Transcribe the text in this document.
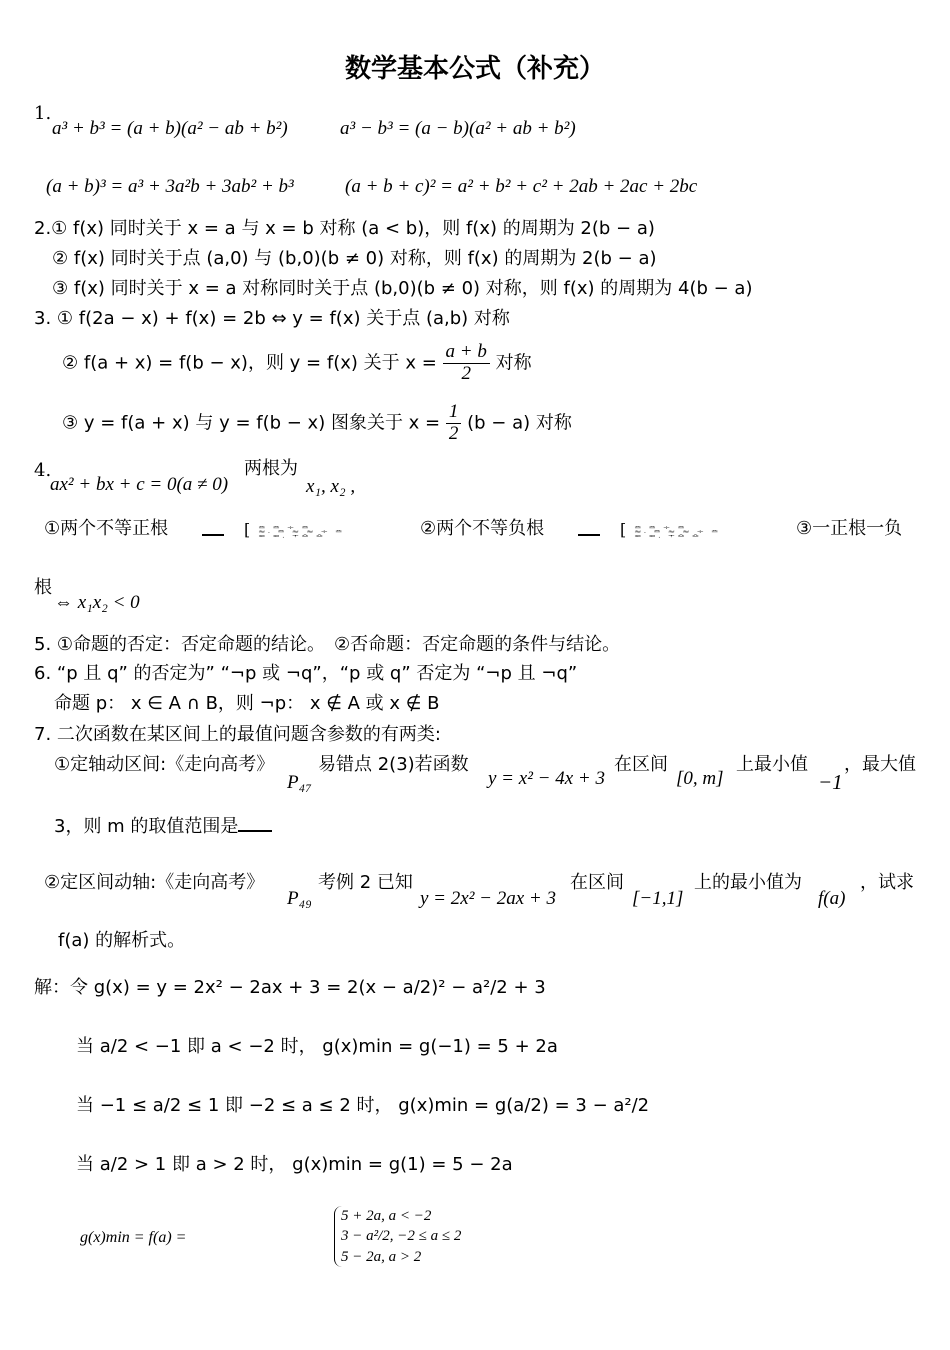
数学基本公式（补充）
1.
a³ + b³ = (a + b)(a² − ab + b²)	a³ − b³ = (a − b)(a² + ab + b²)
(a + b)³ = a³ + 3a²b + 3ab² + b³	(a + b + c)² = a² + b² + c² + 2ab + 2ac + 2bc
2.① f(x) 同时关于 x = a 与 x = b 对称 (a < b)，则 f(x) 的周期为 2(b − a)
② f(x) 同时关于点 (a,0) 与 (b,0)(b ≠ 0) 对称，则 f(x) 的周期为 2(b − a)
③ f(x) 同时关于 x = a 对称同时关于点 (b,0)(b ≠ 0) 对称，则 f(x) 的周期为 4(b − a)
3. ① f(2a − x) + f(x) = 2b ⇔ y = f(x) 关于点 (a,b) 对称
② f(a + x) = f(b − x)，则 y = f(x) 关于 $x = \frac{a + b}{2}$ 对称
③ y = f(a + x) 与 y = f(b − x) 图象关于 $x = \frac{1}{2} (b - a)$ 对称
4.
ax² + bx + c = 0(a ≠ 0)
两根为
x₁, x₂ ,
①两个不等正根	[ ≏ ≏ ÷ ≏
≈. ≏ ≈ ≈ ÷ ≏
≈ ≈. ÷≏ ≏	②两个不等负根	[ ≏ ≏ ÷ ≏
≈. ≏ ≈ ≈ ÷ ≏
≈ ≈. ÷≏ ≏	③一正根一负
根
⇔ x₁x₂ < 0
5. ①命题的否定：否定命题的结论。　②否命题：否定命题的条件与结论。
6. “p 且 q” 的否定为” “¬p 或 ¬q”，“p 或 q” 否定为 “¬p 且 ¬q”
命题 p： x ∈ A ∩ B，则 ¬p： x ∉ A 或 x ∉ B
7. 二次函数在某区间上的最值问题含参数的有两类:
①定轴动区间:《走向高考》
P₄₇
易错点 2(3)若函数
y = x² − 4x + 3
在区间
[0, m]
上最小值
−1
，最大值
3，则 m 的取值范围是
②定区间动轴:《走向高考》
P₄₉
考例 2 已知
y = 2x² − 2ax + 3
在区间
[−1,1]
上的最小值为
f(a)
，试求
f(a) 的解析式。
解：令 g(x) = y = 2x² − 2ax + 3 = 2(x − a/2)² − a²/2 + 3
当 a/2 < −1 即 a < −2 时， g(x)min = g(−1) = 5 + 2a
当 −1 ≤ a/2 ≤ 1 即 −2 ≤ a ≤ 2 时， g(x)min = g(a/2) = 3 − a²/2
当 a/2 > 1 即 a > 2 时， g(x)min = g(1) = 5 − 2a
g(x)min = f(a) =
5 + 2a, a < −2
3 − a²/2, −2 ≤ a ≤ 2
5 − 2a, a > 2
